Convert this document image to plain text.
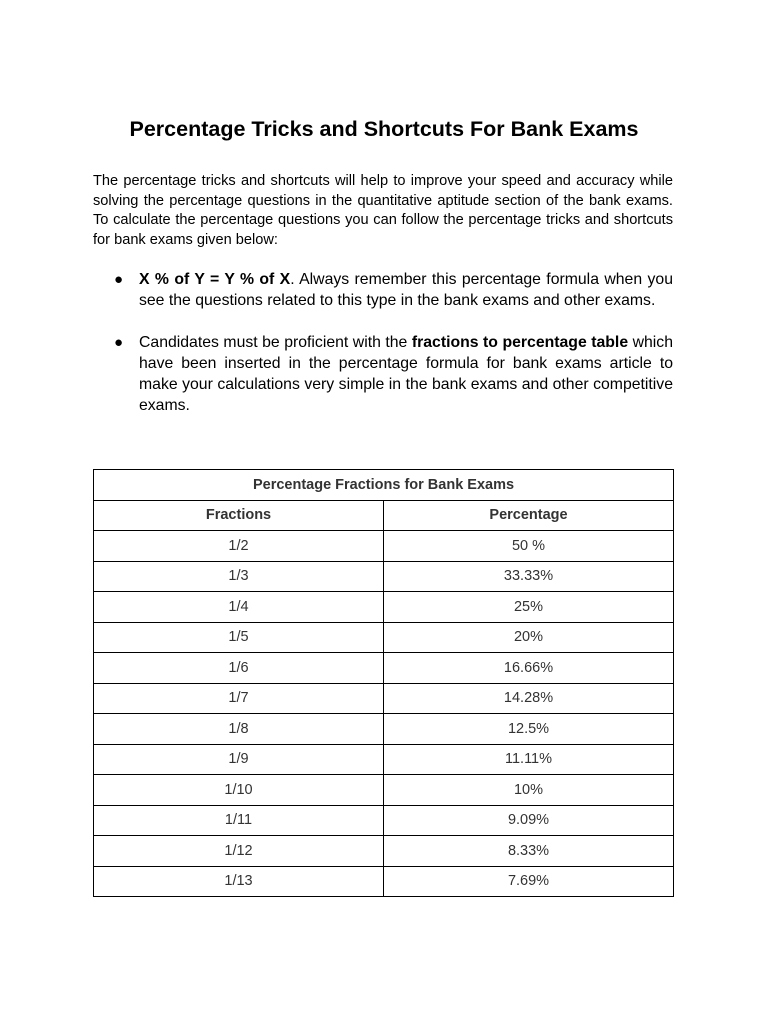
Percentage Tricks and Shortcuts For Bank Exams

The percentage tricks and shortcuts will help to improve your speed and accuracy while solving the percentage questions in the quantitative aptitude section of the bank exams. To calculate the percentage questions you can follow the percentage tricks and shortcuts for bank exams given below:

● X % of Y = Y % of X. Always remember this percentage formula when you see the questions related to this type in the bank exams and other exams.
● Candidates must be proficient with the fractions to percentage table which have been inserted in the percentage formula for bank exams article to make your calculations very simple in the bank exams and other competitive exams.
Percentage Fractions for Bank Exams	
Fractions	Percentage
1/2	50 %
1/3	33.33%
1/4	25%
1/5	20%
1/6	16.66%
1/7	14.28%
1/8	12.5%
1/9	11.11%
1/10	10%
1/11	9.09%
1/12	8.33%
1/13	7.69%
